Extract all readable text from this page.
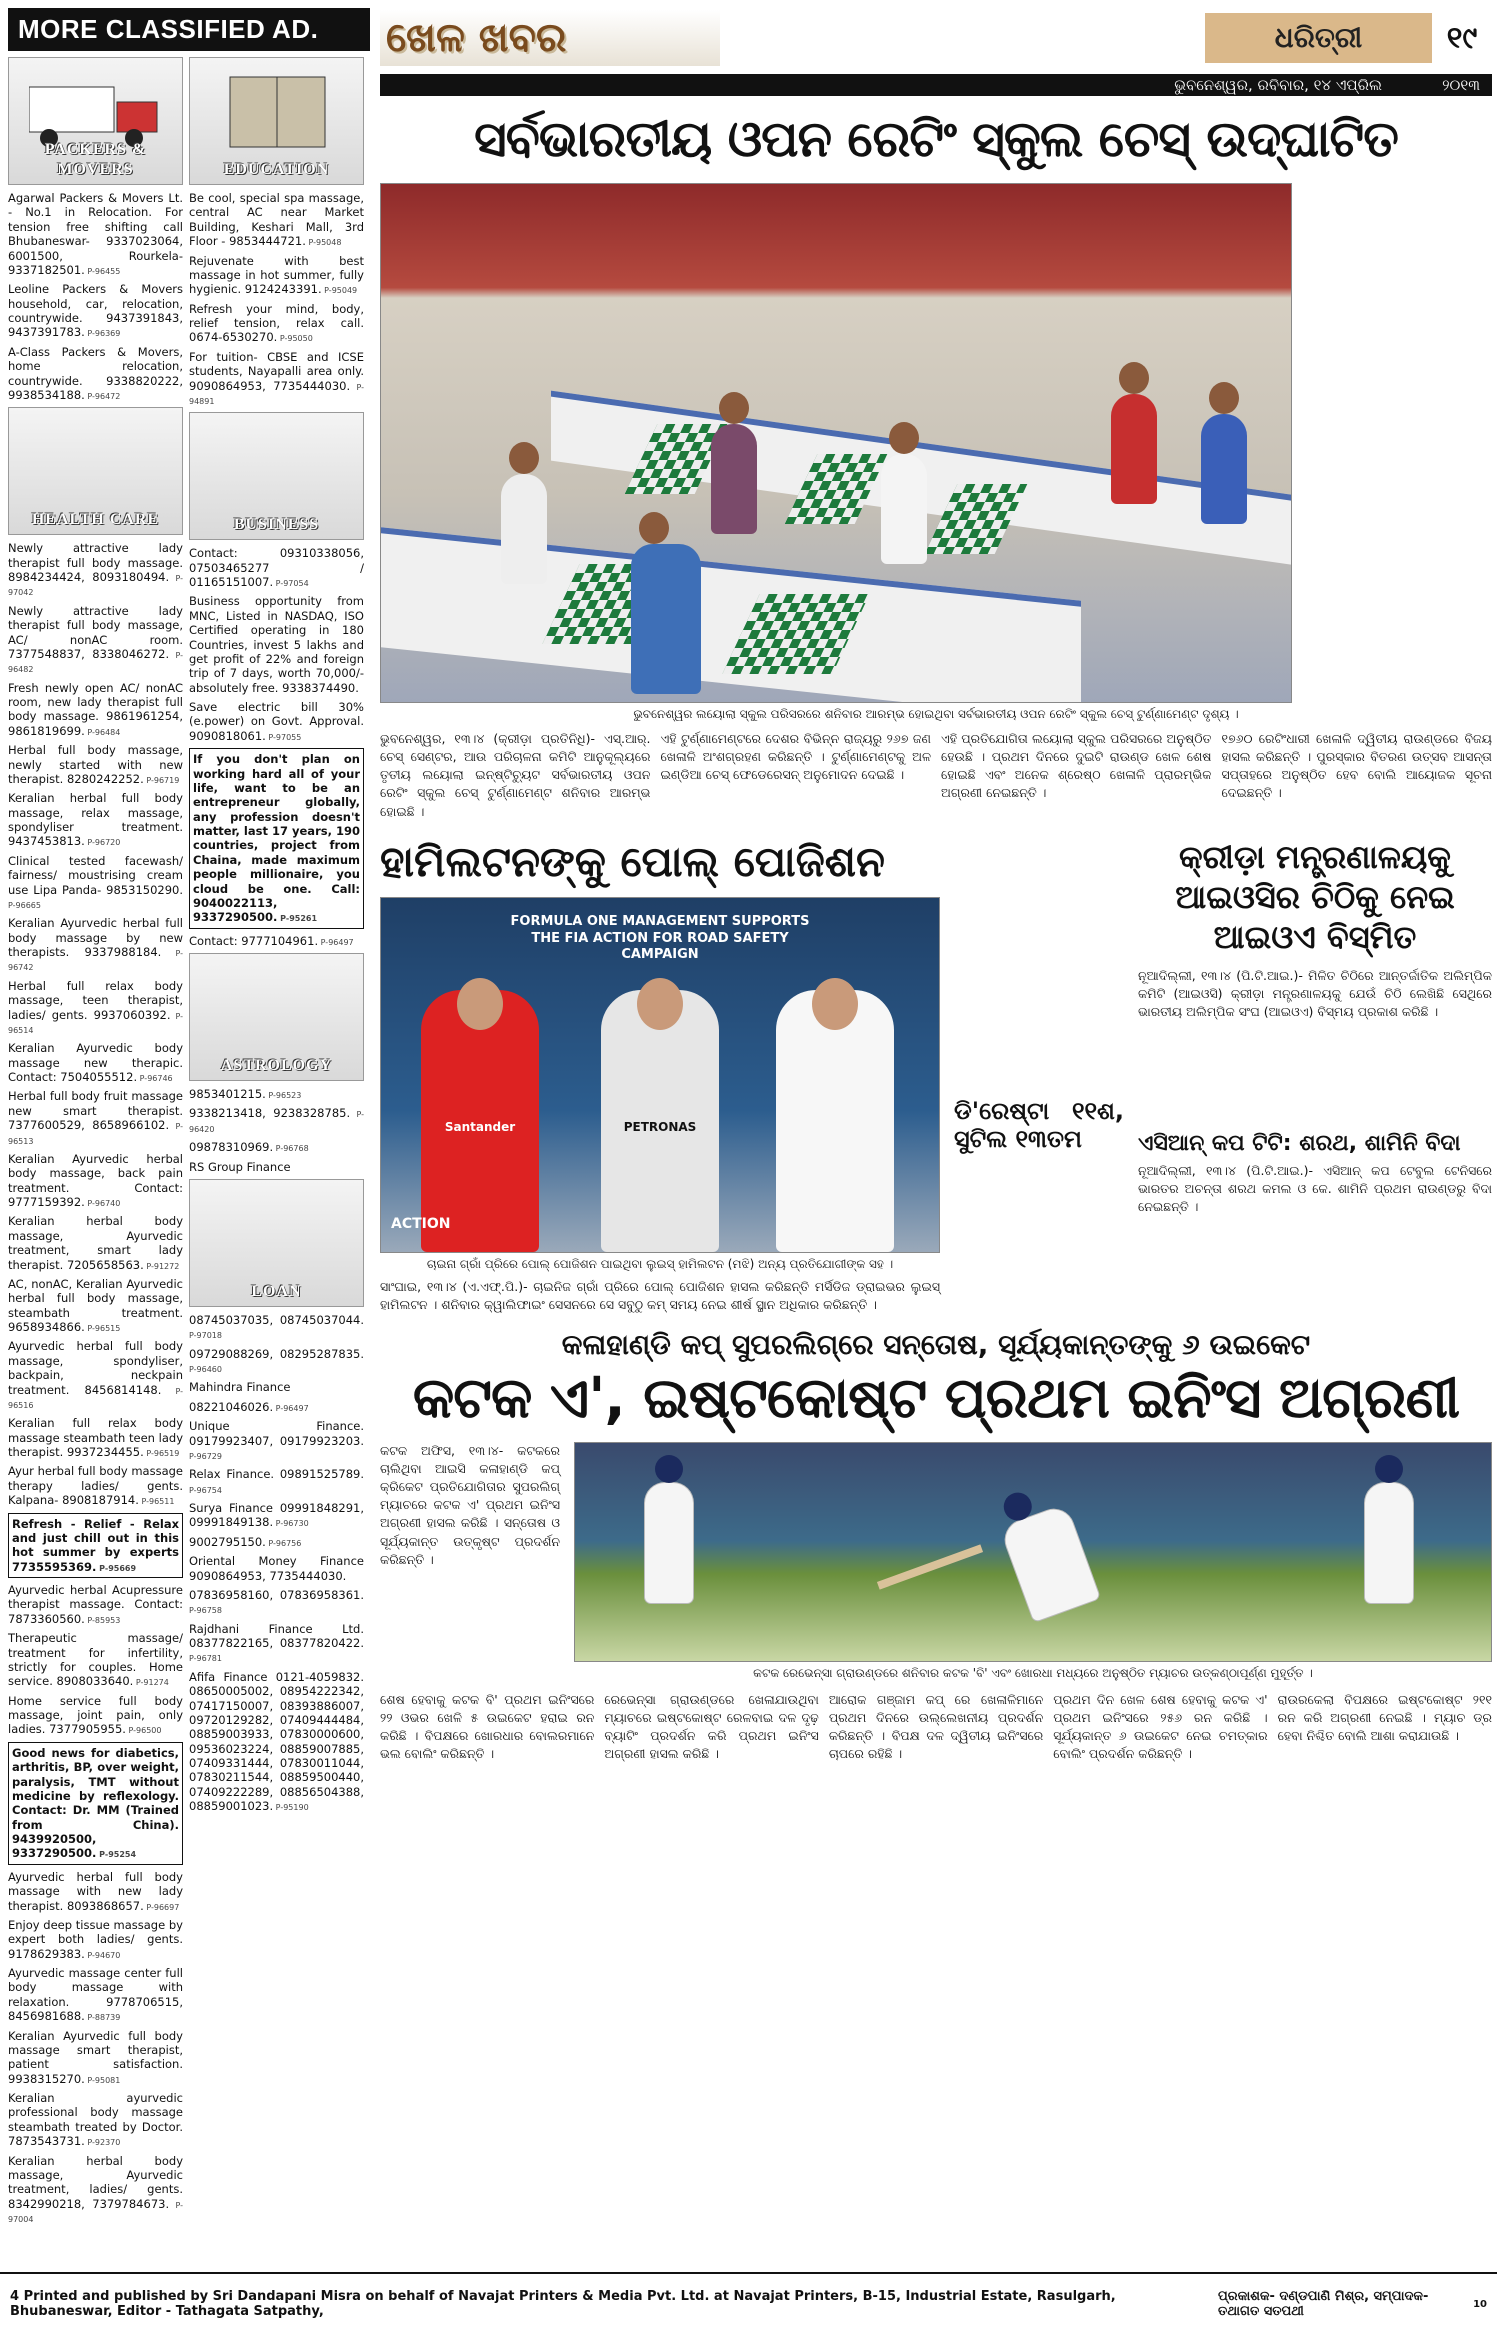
MORE CLASSIFIED AD.
PACKERS & MOVERS

Agarwal Packers & Movers Lt. - No.1 in Relocation. For tension free shifting call Bhubaneswar- 9337023064, 6001500, Rourkela-9337182501. P-96455

Leoline Packers & Movers household, car, relocation, countrywide. 9437391843, 9437391783. P-96369

A-Class Packers & Movers, home relocation, countrywide. 9338820222, 9938534188. P-96472

HEALTH CARE

Newly attractive lady therapist full body massage. 8984234424, 8093180494. P-97042

Newly attractive lady therapist full body massage, AC/ nonAC room. 7377548837, 8338046272. P-96482

Fresh newly open AC/ nonAC room, new lady therapist full body massage. 9861961254, 9861819699. P-96484

Herbal full body massage, newly started with new therapist. 8280242252. P-96719

Keralian herbal full body massage, relax massage, spondyliser treatment. 9437453813. P-96720

Clinical tested facewash/ fairness/ moustrising cream use Lipa Panda- 9853150290. P-96665

Keralian Ayurvedic herbal full body massage by new therapists. 9337988184. P-96742

Herbal full relax body massage, teen therapist, ladies/ gents. 9937060392. P-96514

Keralian Ayurvedic body massage new therapic. Contact: 7504055512. P-96746

Herbal full body fruit massage new smart therapist. 7377600529, 8658966102. P-96513

Keralian Ayurvedic herbal body massage, back pain treatment. Contact: 9777159392. P-96740

Keralian herbal body massage, Ayurvedic treatment, smart lady therapist. 7205658563. P-91272

AC, nonAC, Keralian Ayurvedic herbal full body massage, steambath treatment. 9658934866. P-96515

Ayurvedic herbal full body massage, spondyliser, backpain, neckpain treatment. 8456814148. P-96516

Keralian full relax body massage steambath teen lady therapist. 9937234455. P-96519

Ayur herbal full body massage therapy ladies/ gents. Kalpana- 8908187914. P-96511

Refresh - Relief - Relax and just chill out in this hot summer by experts 7735595369. P-95669

Ayurvedic herbal Acupressure therapist massage. Contact: 7873360560. P-85953

Therapeutic massage/ treatment for infertility, strictly for couples. Home service. 8908033640. P-91274

Home service full body massage, joint pain, only ladies. 7377905955. P-96500

Good news for diabetics, arthritis, BP, over weight, paralysis, TMT without medicine by reflexology. Contact: Dr. MM (Trained from China). 9439920500, 9337290500. P-95254

Ayurvedic herbal full body massage with new lady therapist. 8093868657. P-96697

Enjoy deep tissue massage by expert both ladies/ gents. 9178629383. P-94670

Ayurvedic massage center full body massage with relaxation. 9778706515, 8456981688. P-88739

Keralian Ayurvedic full body massage smart therapist, patient satisfaction. 9938315270. P-95081

Keralian ayurvedic professional body massage steambath treated by Doctor. 7873543731. P-92370

Keralian herbal body massage, Ayurvedic treatment, ladies/ gents. 8342990218, 7379784673. P-97004

EDUCATION

Be cool, special spa massage, central AC near Market Building, Keshari Mall, 3rd Floor - 9853444721. P-95048

Rejuvenate with best massage in hot summer, fully hygienic. 9124243391. P-95049

Refresh your mind, body, relief tension, relax call. 0674-6530270. P-95050

For tuition- CBSE and ICSE students, Nayapalli area only. 9090864953, 7735444030. P-94891

BUSINESS

Contact: 09310338056, 07503465277 / 01165151007. P-97054

Business opportunity from MNC, Listed in NASDAQ, ISO Certified operating in 180 Countries, invest 5 lakhs and get profit of 22% and foreign trip of 7 days, worth 70,000/- absolutely free. 9338374490.

Save electric bill 30% (e.power) on Govt. Approval. 9090818061. P-97055

If you don't plan on working hard all of your life, want to be an entrepreneur globally, any profession doesn't matter, last 17 years, 190 countries, project from Chaina, made maximum people millionaire, you cloud be one. Call: 9040022113, 9337290500. P-95261

Contact: 9777104961. P-96497

ASTROLOGY

9853401215. P-96523

9338213418, 9238328785. P-96420

09878310969. P-96768

RS Group Finance

LOAN

08745037035, 08745037044. P-97018

09729088269, 08295287835. P-96460

Mahindra Finance

08221046026. P-96497

Unique Finance. 09179923407, 09179923203. P-96729

Relax Finance. 09891525789. P-96754

Surya Finance 09991848291, 09991849138. P-96730

9002795150. P-96756

Oriental Money Finance 9090864953, 7735444030.

07836958160, 07836958361. P-96758

Rajdhani Finance Ltd. 08377822165, 08377820422. P-96781

Afifa Finance 0121-4059832. 08650005002, 08954222342, 07417150007, 08393886007, 09720129282, 07409444484, 08859003933, 07830000600, 09536023224, 08859007885, 07409331444, 07830011044, 07830211544, 08859500440, 07409222289, 08856504388, 08859001023. P-95190

ଖେଳ ଖବର	ଧରିତ୍ରୀ	୧୯
ଭୁବନେଶ୍ୱର, ରବିବାର, ୧୪ ଏପ୍ରିଲ	୨୦୧୩
ସର୍ବଭାରତୀୟ ଓପନ ରେଟିଂ ସ୍କୁଲ ଚେସ୍ ଉଦ୍‌ଘାଟିତ
ଭୁବନେଶ୍ୱର ଲୟୋଲା ସ୍କୁଲ ପରିସରରେ ଶନିବାର ଆରମ୍ଭ ହୋଇଥିବା ସର୍ବଭାରତୀୟ ଓପନ ରେଟିଂ ସ୍କୁଲ ଚେସ୍ ଟୁର୍ଣ୍ଣାମେଣ୍ଟ ଦୃଶ୍ୟ ।

ଭୁବନେଶ୍ୱର, ୧୩।୪ (କ୍ରୀଡ଼ା ପ୍ରତିନିଧି)- ଏସ୍.ଆର୍. ଚେସ୍ ସେଣ୍ଟର, ଆଉ ପରିଚାଳନା କମିଟି ଆନୁକୂଲ୍ୟରେ ତୃତୀୟ ଲୟୋଲା ଇନ୍‌ଷ୍ଟିଚ୍ୟୁଟ ସର୍ବଭାରତୀୟ ଓପନ ରେଟିଂ ସ୍କୁଲ ଚେସ୍ ଟୁର୍ଣ୍ଣାମେଣ୍ଟ ଶନିବାର ଆରମ୍ଭ ହୋଇଛି ।

ଏହି ଟୁର୍ଣ୍ଣାମେଣ୍ଟରେ ଦେଶର ବିଭିନ୍ନ ରାଜ୍ୟରୁ ୨୬୭ ଜଣ ଖେଳାଳି ଅଂଶଗ୍ରହଣ କରିଛନ୍ତି । ଟୁର୍ଣ୍ଣାମେଣ୍ଟକୁ ଅଳ ଇଣ୍ଡିଆ ଚେସ୍ ଫେଡେରେସନ୍ ଅନୁମୋଦନ ଦେଇଛି ।

ଏହି ପ୍ରତିଯୋଗିତା ଲୟୋଲା ସ୍କୁଲ ପରିସରରେ ଅନୁଷ୍ଠିତ ହେଉଛି । ପ୍ରଥମ ଦିନରେ ଦୁଇଟି ରାଉଣ୍ଡ ଖେଳ ଶେଷ ହୋଇଛି ଏବଂ ଅନେକ ଶ୍ରେଷ୍ଠ ଖେଳାଳି ପ୍ରାରମ୍ଭିକ ଅଗ୍ରଣୀ ନେଇଛନ୍ତି ।

୧୭୬୦ ରେଟିଂଧାରୀ ଖେଳାଳି ଦ୍ୱିତୀୟ ରାଉଣ୍ଡରେ ବିଜୟ ହାସଲ କରିଛନ୍ତି । ପୁରସ୍କାର ବିତରଣ ଉତ୍ସବ ଆସନ୍ତା ସପ୍ତାହରେ ଅନୁଷ୍ଠିତ ହେବ ବୋଲି ଆୟୋଜକ ସୂଚନା ଦେଇଛନ୍ତି ।

ହାମିଲଟନଙ୍କୁ ପୋଲ୍ ପୋଜିଶନ
FORMULA ONE MANAGEMENT SUPPORTS THE FIA ACTION FOR ROAD SAFETY CAMPAIGN
Santander	PETRONAS
ACTION
ଚାଇନା ଗ୍ରାଁ ପ୍ରିରେ ପୋଲ୍ ପୋଜିଶନ ପାଇଥିବା ଲୁଇସ୍ ହାମିଲଟନ (ମଝି) ଅନ୍ୟ ପ୍ରତିଯୋଗୀଙ୍କ ସହ ।
ସାଂଘାଇ, ୧୩।୪ (ଏ.ଏଫ୍.ପି.)- ଚାଇନିଜ ଗ୍ରାଁ ପ୍ରିରେ ପୋଲ୍ ପୋଜିଶନ ହାସଲ କରିଛନ୍ତି ମର୍ସିଡିଜ ଡ୍ରାଇଭର ଲୁଇସ୍ ହାମିଲଟନ । ଶନିବାର କ୍ୱାଲିଫାଇଂ ସେସନରେ ସେ ସବୁଠୁ କମ୍ ସମୟ ନେଇ ଶୀର୍ଷ ସ୍ଥାନ ଅଧିକାର କରିଛନ୍ତି ।
ଡି'ରେଷ୍ଟା ୧୧ଶ, ସୁଟିଲ ୧୩ତମ
କ୍ରୀଡ଼ା ମନ୍ତ୍ରଣାଳୟକୁ ଆଇଓସିର ଚିଠିକୁ ନେଇ ଆଇଓଏ ବିସ୍ମିତ
ନୂଆଦିଲ୍ଲୀ, ୧୩।୪ (ପି.ଟି.ଆଇ.)- ମିଳିତ ଚିଠିରେ ଆନ୍ତର୍ଜାତିକ ଅଲିମ୍ପିକ କମିଟି (ଆଇଓସି) କ୍ରୀଡ଼ା ମନ୍ତ୍ରଣାଳୟକୁ ଯେଉଁ ଚିଠି ଲେଖିଛି ସେଥିରେ ଭାରତୀୟ ଅଲିମ୍ପିକ ସଂଘ (ଆଇଓଏ) ବିସ୍ମୟ ପ୍ରକାଶ କରିଛି ।
ଏସିଆନ୍ କପ ଟିଟି: ଶରଥ, ଶାମିନି ବିଦା
ନୂଆଦିଲ୍ଲୀ, ୧୩।୪ (ପି.ଟି.ଆଇ.)- ଏସିଆନ୍ କପ ଟେବୁଲ ଟେନିସରେ ଭାରତର ଅଚନ୍ତା ଶରଥ କମଲ ଓ କେ. ଶାମିନି ପ୍ରଥମ ରାଉଣ୍ଡରୁ ବିଦା ନେଇଛନ୍ତି ।
କଳାହାଣ୍ଡି କପ୍ ସୁପରଲିଗ୍‌ରେ ସନ୍ତୋଷ, ସୂର୍ଯ୍ୟକାନ୍ତଙ୍କୁ ୬ ଉଇକେଟ
କଟକ ଏ', ଇଷ୍ଟକୋଷ୍ଟ ପ୍ରଥମ ଇନିଂସ ଅଗ୍ରଣୀ
କଟକ ଅଫିସ, ୧୩।୪- କଟକରେ ଚାଲିଥିବା ଆଇସି କଳାହାଣ୍ଡି କପ୍ କ୍ରିକେଟ ପ୍ରତିଯୋଗିତାର ସୁପରଲିଗ୍ ମ୍ୟାଚରେ କଟକ ଏ' ପ୍ରଥମ ଇନିଂସ ଅଗ୍ରଣୀ ହାସଲ କରିଛି । ସନ୍ତୋଷ ଓ ସୂର୍ଯ୍ୟକାନ୍ତ ଉତ୍କୃଷ୍ଟ ପ୍ରଦର୍ଶନ କରିଛନ୍ତି ।
କଟକ ରେଭେନ୍ସା ଗ୍ରାଉଣ୍ଡରେ ଶନିବାର କଟକ 'ବି' ଏବଂ ଖୋରଧା ମଧ୍ୟରେ ଅନୁଷ୍ଠିତ ମ୍ୟାଚର ଉତ୍କଣ୍ଠାପୂର୍ଣ୍ଣ ମୁହୂର୍ତ୍ତ ।

ଶେଷ ହେବାକୁ କଟକ ବି' ପ୍ରଥମ ଇନିଂସରେ ୨୨ ଓଭର ଖେଳି ୫ ଉଇକେଟ ହରାଇ ରନ କରିଛି । ବିପକ୍ଷରେ ଖୋରଧାର ବୋଲରମାନେ ଭଲ ବୋଲିଂ କରିଛନ୍ତି ।

ରେଭେନ୍ସା ଗ୍ରାଉଣ୍ଡରେ ଖେଳାଯାଉଥିବା ମ୍ୟାଚରେ ଇଷ୍ଟକୋଷ୍ଟ ରେଳବାଇ ଦଳ ଦୃଢ଼ ବ୍ୟାଟିଂ ପ୍ରଦର୍ଶନ କରି ପ୍ରଥମ ଇନିଂସ ଅଗ୍ରଣୀ ହାସଲ କରିଛି ।

ଆରୋକ ଗଞ୍ଜାମ କପ୍ ରେ ଖେଳାଳିମାନେ ପ୍ରଥମ ଦିନରେ ଉଲ୍ଲେଖନୀୟ ପ୍ରଦର୍ଶନ କରିଛନ୍ତି । ବିପକ୍ଷ ଦଳ ଦ୍ୱିତୀୟ ଇନିଂସରେ ଚାପରେ ରହିଛି ।

ପ୍ରଥମ ଦିନ ଖେଳ ଶେଷ ହେବାକୁ କଟକ ଏ' ପ୍ରଥମ ଇନିଂସରେ ୨୫୬ ରନ କରିଛି । ସୂର୍ଯ୍ୟକାନ୍ତ ୬ ଉଇକେଟ ନେଇ ଚମତ୍କାର ବୋଲିଂ ପ୍ରଦର୍ଶନ କରିଛନ୍ତି ।

ରାଉରକେଲା ବିପକ୍ଷରେ ଇଷ୍ଟକୋଷ୍ଟ ୨୧୧ ରନ କରି ଅଗ୍ରଣୀ ନେଇଛି । ମ୍ୟାଚ ଡ୍ର ହେବା ନିଶ୍ଚିତ ବୋଲି ଆଶା କରାଯାଉଛି ।

4 Printed and published by Sri Dandapani Misra on behalf of Navajat Printers & Media Pvt. Ltd. at Navajat Printers, B-15, Industrial Estate, Rasulgarh, Bhubaneswar, Editor - Tathagata Satpathy,
ପ୍ରକାଶକ- ଦଣ୍ଡପାଣି ମିଶ୍ର, ସମ୍ପାଦକ- ତଥାଗତ ସତପଥୀ	10
